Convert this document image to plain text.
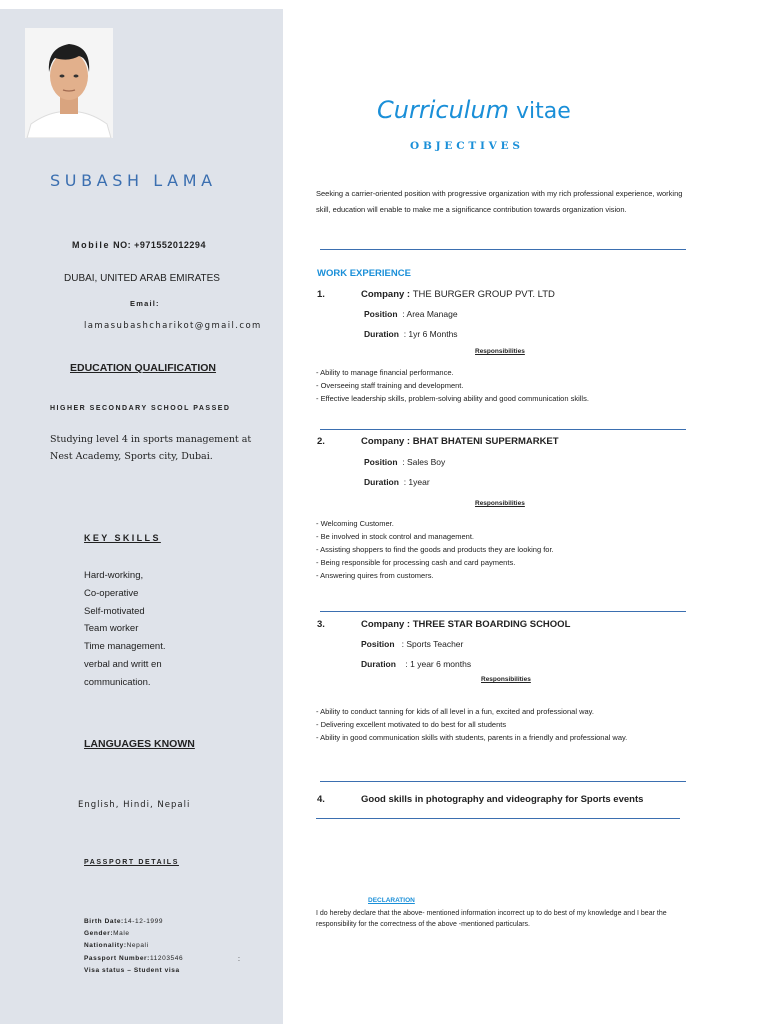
SUBASH LAMA
Mobile NO: +971552012294
DUBAI, UNITED ARAB EMIRATES
Email:
lamasubashcharikot@gmail.com
EDUCATION QUALIFICATION
HIGHER SECONDARY SCHOOL PASSED
Studying level 4 in sports management at Nest Academy, Sports city, Dubai.
KEY SKILLS
Hard-working,
Co-operative
Self-motivated
Team worker
Time management.
verbal and writt en
communication.
LANGUAGES KNOWN
English, Hindi, Nepali
PASSPORT DETAILS
Birth Date:14-12-1999
Gender:Male
Nationality:Nepali
Passport Number:11203546
Visa status – Student visa
:
Curriculum vitae
OBJECTIVES
Seeking a carrier-oriented position with progressive organization with my rich professional experience, working skill, education will enable to make me a significance contribution towards organization vision.
WORK EXPERIENCE
1.	Company : THE BURGER GROUP PVT. LTD
Position : Area Manage
Duration : 1yr 6 Months
Responsibilities
- Ability to manage financial performance.
- Overseeing staff training and development.
- Effective leadership skills, problem-solving ability and good communication skills.
2.	Company : BHAT BHATENI SUPERMARKET
Position : Sales Boy
Duration : 1year
Responsibilities
- Welcoming Customer.
- Be involved in stock control and management.
- Assisting shoppers to find the goods and products they are looking for.
- Being responsible for processing cash and card payments.
- Answering quires from customers.
3.	Company : THREE STAR BOARDING SCHOOL
Position : Sports Teacher
Duration : 1 year 6 months
Responsibilities
- Ability to conduct tanning for kids of all level in a fun, excited and professional way.
- Delivering excellent motivated to do best for all students
- Ability in good communication skills with students, parents in a friendly and professional way.
4.	Good skills in photography and videography for Sports events
DECLARATION
I do hereby declare that the above- mentioned information incorrect up to do best of my knowledge and I bear the responsibility for the correctness of the above -mentioned particulars.
